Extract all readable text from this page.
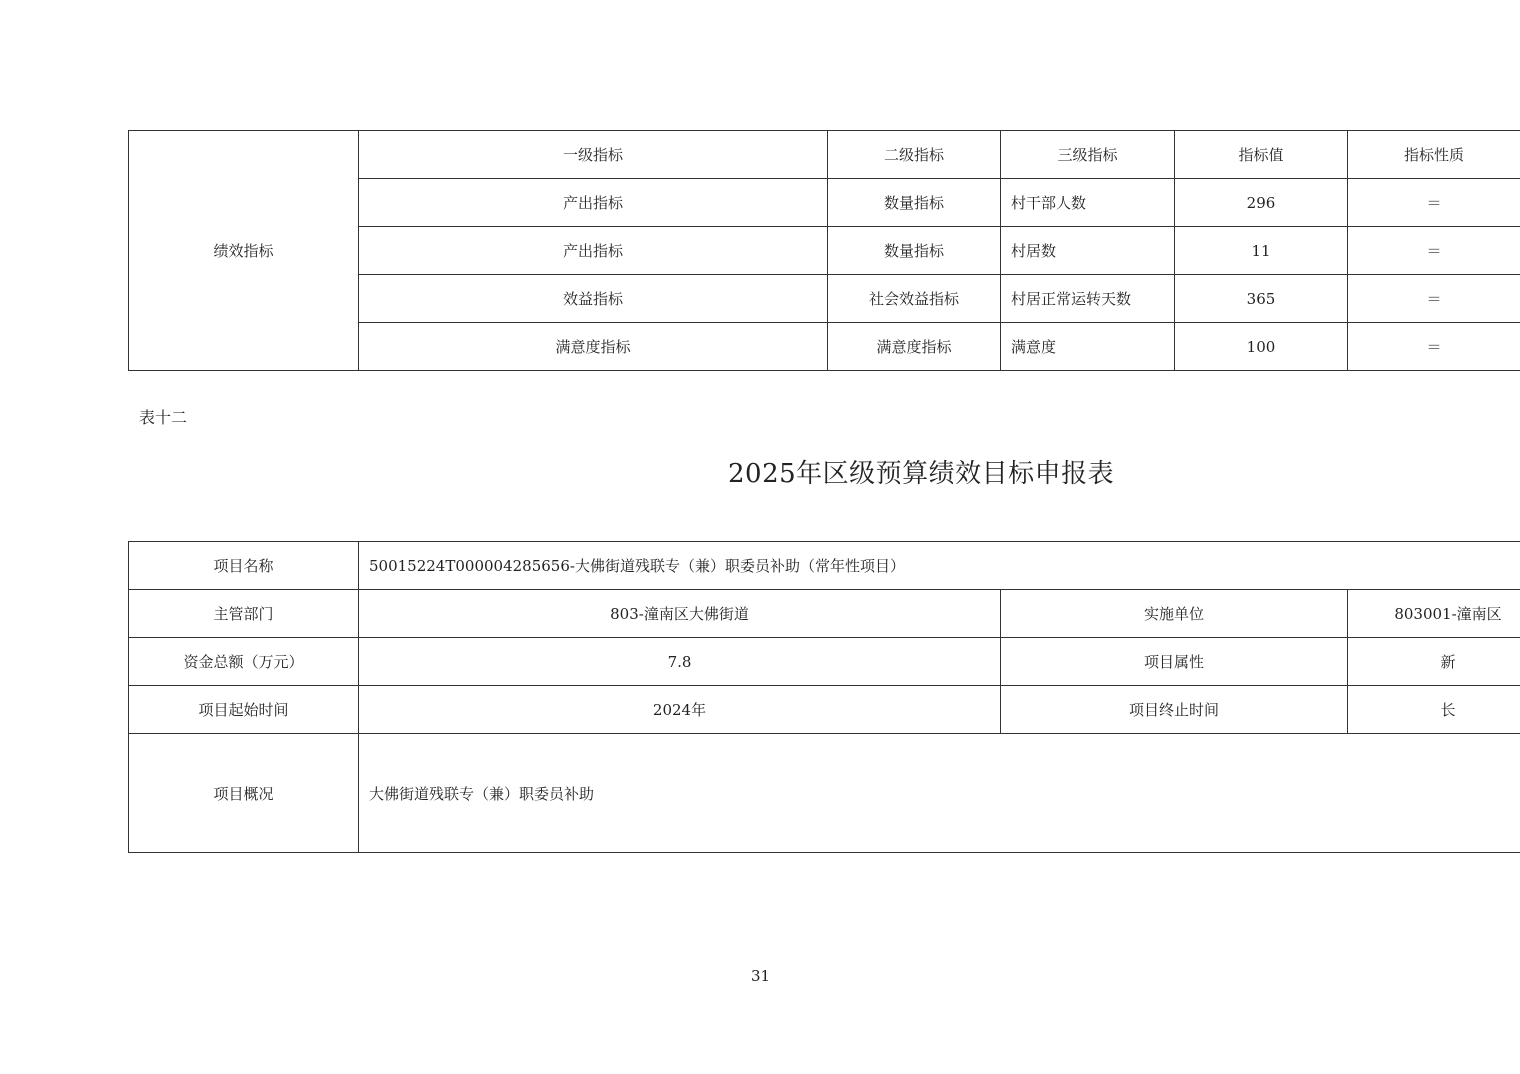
绩效指标	一级指标	二级指标	三级指标	指标值	指标性质	
	产出指标	数量指标	村干部人数	296	＝	
	产出指标	数量指标	村居数	11	＝	
	效益指标	社会效益指标	村居正常运转天数	365	＝	
	满意度指标	满意度指标	满意度	100	＝	
表十二
2025年区级预算绩效目标申报表
项目名称	50015224T000004285656-大佛街道残联专（兼）职委员补助（常年性项目）		
主管部门	803-潼南区大佛街道	实施单位	803001-潼南区
资金总额（万元）	7.8	项目属性	新
项目起始时间	2024年	项目终止时间	长
项目概况	大佛街道残联专（兼）职委员补助		
31
